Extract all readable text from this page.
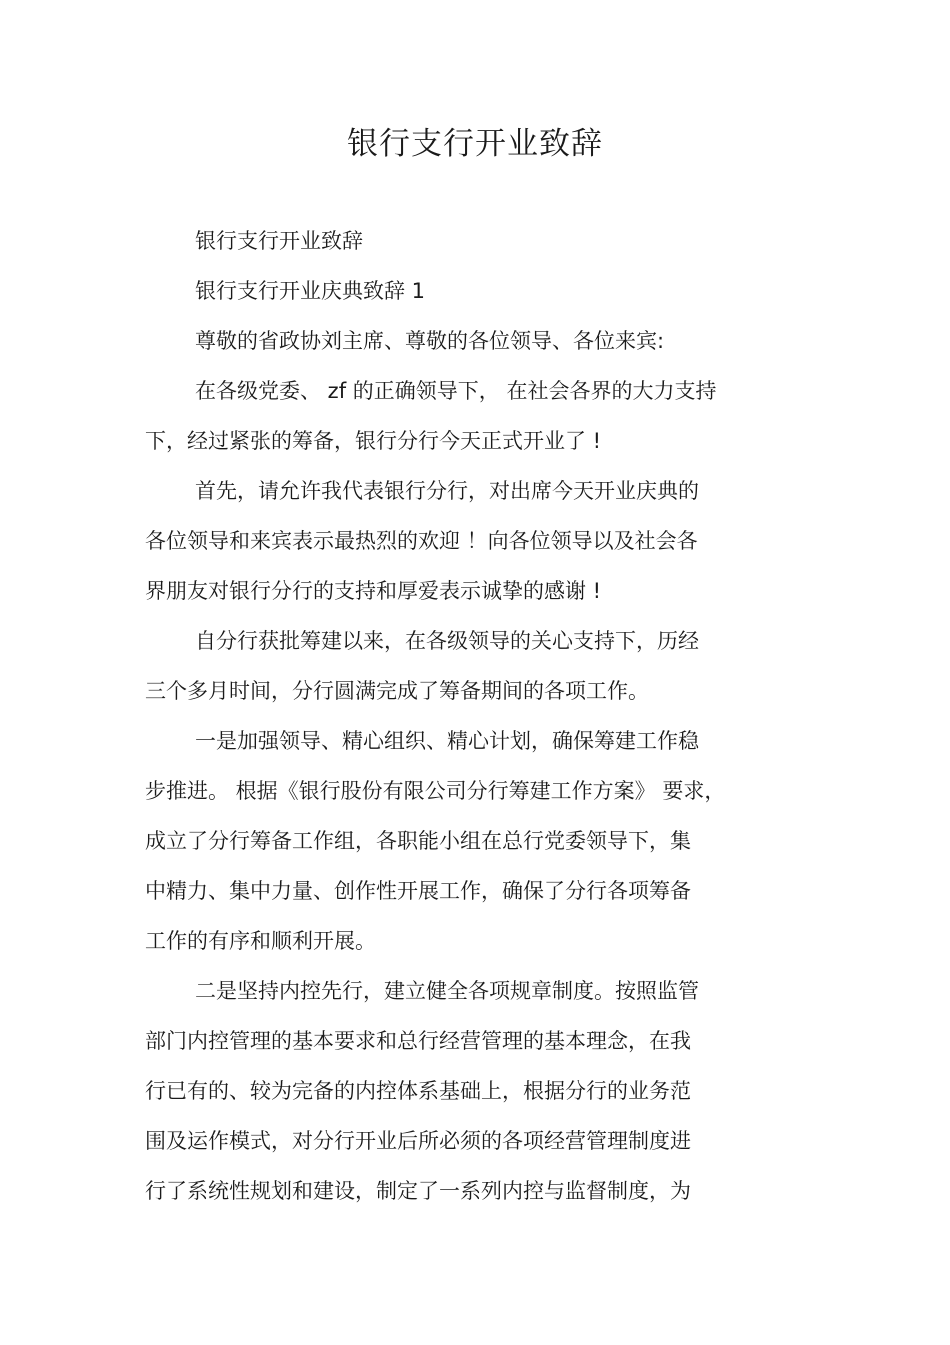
银行支行开业致辞

银行支行开业致辞

银行支行开业庆典致辞 1

尊敬的省政协刘主席、尊敬的各位领导、各位来宾:

在各级党委、 zf 的正确领导下， 在社会各界的大力支持

下，经过紧张的筹备，银行分行今天正式开业了 !

首先，请允许我代表银行分行，对出席今天开业庆典的

各位领导和来宾表示最热烈的欢迎 ！向各位领导以及社会各

界朋友对银行分行的支持和厚爱表示诚挚的感谢 !

自分行获批筹建以来，在各级领导的关心支持下，历经

三个多月时间，分行圆满完成了筹备期间的各项工作。

一是加强领导、精心组织、精心计划，确保筹建工作稳

步推进。 根据《银行股份有限公司分行筹建工作方案》 要求，

成立了分行筹备工作组，各职能小组在总行党委领导下，集

中精力、集中力量、创作性开展工作，确保了分行各项筹备

工作的有序和顺利开展。

二是坚持内控先行，建立健全各项规章制度。按照监管

部门内控管理的基本要求和总行经营管理的基本理念，在我

行已有的、较为完备的内控体系基础上，根据分行的业务范

围及运作模式，对分行开业后所必须的各项经营管理制度进

行了系统性规划和建设，制定了一系列内控与监督制度，为
